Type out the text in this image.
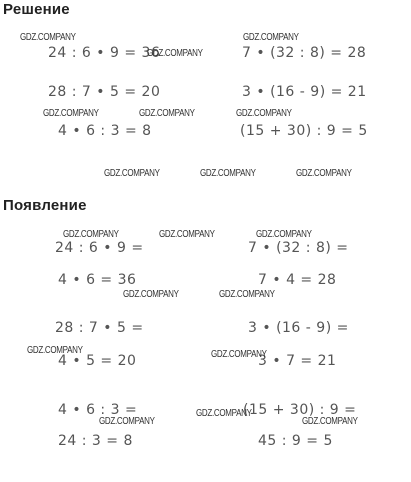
Решение
24 : 6 • 9 = 36	7 • (32 : 8) = 28
28 : 7 • 5 = 20	3 • (16 - 9) = 21
4 • 6 : 3 = 8	(15 + 30) : 9 = 5
Появление
24 : 6 • 9 =	7 • (32 : 8) =
4 • 6 = 36	7 • 4 = 28
28 : 7 • 5 =	3 • (16 - 9) =
4 • 5 = 20	3 • 7 = 21
4 • 6 : 3 =	(15 + 30) : 9 =
24 : 3 = 8	45 : 9 = 5
GDZ.COMPANY	GDZ.COMPANY
GDZ.COMPANY
GDZ.COMPANY	GDZ.COMPANY	GDZ.COMPANY
GDZ.COMPANY	GDZ.COMPANY	GDZ.COMPANY
GDZ.COMPANY	GDZ.COMPANY	GDZ.COMPANY
GDZ.COMPANY	GDZ.COMPANY
GDZ.COMPANY	GDZ.COMPANY
GDZ.COMPANY
GDZ.COMPANY	GDZ.COMPANY
